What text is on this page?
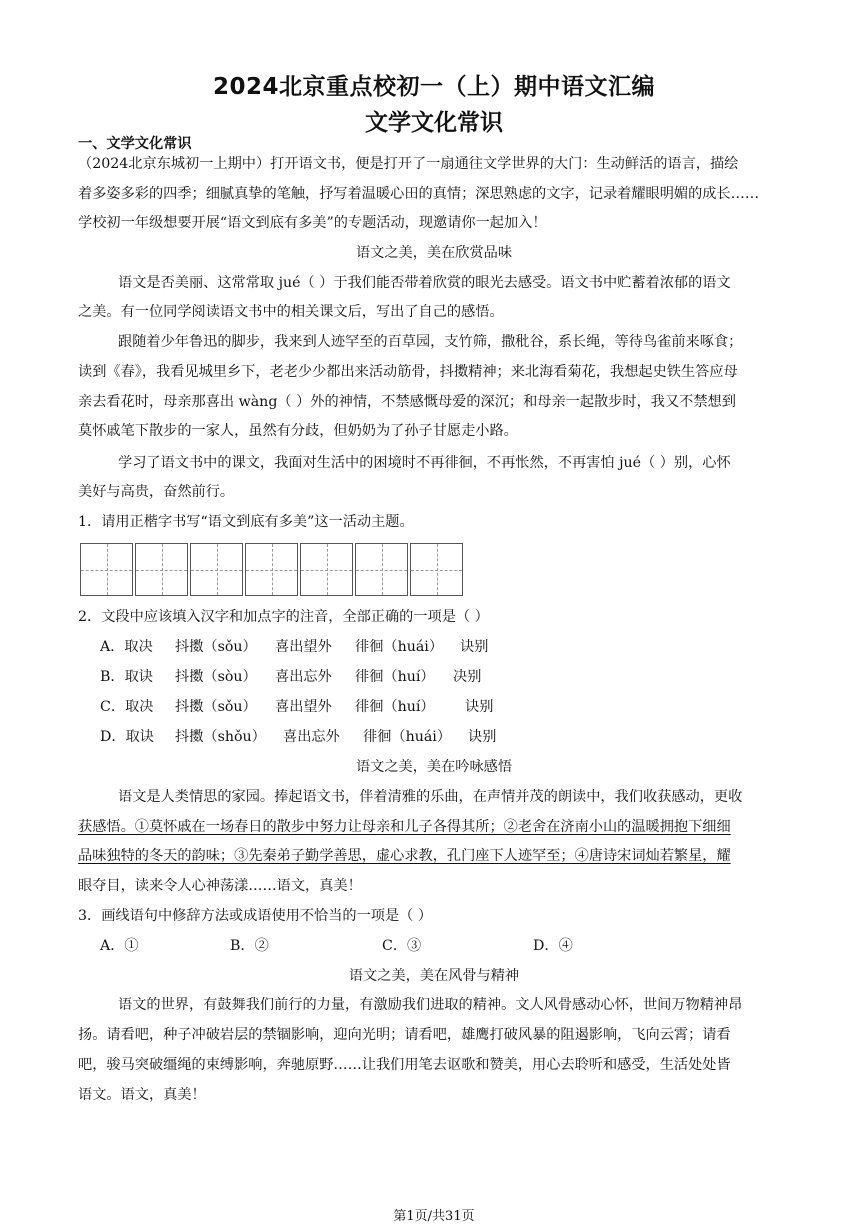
2024北京重点校初一（上）期中语文汇编
文学文化常识
一、文学文化常识
（2024北京东城初一上期中）打开语文书，便是打开了一扇通往文学世界的大门：生动鲜活的语言，描绘
着多姿多彩的四季；细腻真挚的笔触，抒写着温暖心田的真情；深思熟虑的文字，记录着耀眼明媚的成长……
学校初一年级想要开展“语文到底有多美”的专题活动，现邀请你一起加入！
语文之美，美在欣赏品味
语文是否美丽、这常常取 jué（ ）于我们能否带着欣赏的眼光去感受。语文书中贮蓄着浓郁的语文
之美。有一位同学阅读语文书中的相关课文后，写出了自己的感悟。
跟随着少年鲁迅的脚步，我来到人迹罕至的百草园，支竹筛，撒秕谷，系长绳，等待鸟雀前来啄食；
读到《春》，我看见城里乡下，老老少少都出来活动筋骨，抖擞精神；来北海看菊花，我想起史铁生答应母
亲去看花时，母亲那喜出 wàng（ ）外的神情，不禁感慨母爱的深沉；和母亲一起散步时，我又不禁想到
莫怀戚笔下散步的一家人，虽然有分歧，但奶奶为了孙子甘愿走小路。
学习了语文书中的课文，我面对生活中的困境时不再徘徊，不再怅然，不再害怕 jué（ ）别，心怀
美好与高贵，奋然前行。
1．请用正楷字书写“语文到底有多美”这一活动主题。
2．文段中应该填入汉字和加点字的注音，全部正确的一项是（ ）
A．取决 抖擞（sǒu） 喜出望外 徘徊（huái） 诀别
B．取诀 抖擞（sòu） 喜出忘外 徘徊（huí） 决别
C．取决 抖擞（sǒu） 喜出望外 徘徊（huí） 诀别
D．取诀 抖擞（shǒu） 喜出忘外 徘徊（huái） 诀别
语文之美，美在吟咏感悟
语文是人类情思的家园。捧起语文书，伴着清雅的乐曲，在声情并茂的朗读中，我们收获感动，更收
获感悟。①莫怀戚在一场春日的散步中努力让母亲和儿子各得其所；②老舍在济南小山的温暖拥抱下细细
品味独特的冬天的韵味；③先秦弟子勤学善思，虚心求教，孔门座下人迹罕至；④唐诗宋词灿若繁星，耀
眼夺目，读来令人心神荡漾……语文，真美！
3．画线语句中修辞方法或成语使用不恰当的一项是（ ）
A．①	B．②	C．③	D．④
语文之美，美在风骨与精神
语文的世界，有鼓舞我们前行的力量，有激励我们进取的精神。文人风骨感动心怀，世间万物精神昂
扬。请看吧，种子冲破岩层的禁锢影响，迎向光明；请看吧，雄鹰打破风暴的阻遏影响，飞向云霄；请看
吧，骏马突破缰绳的束缚影响，奔驰原野……让我们用笔去讴歌和赞美，用心去聆听和感受，生活处处皆
语文。语文，真美！
第1页/共31页
